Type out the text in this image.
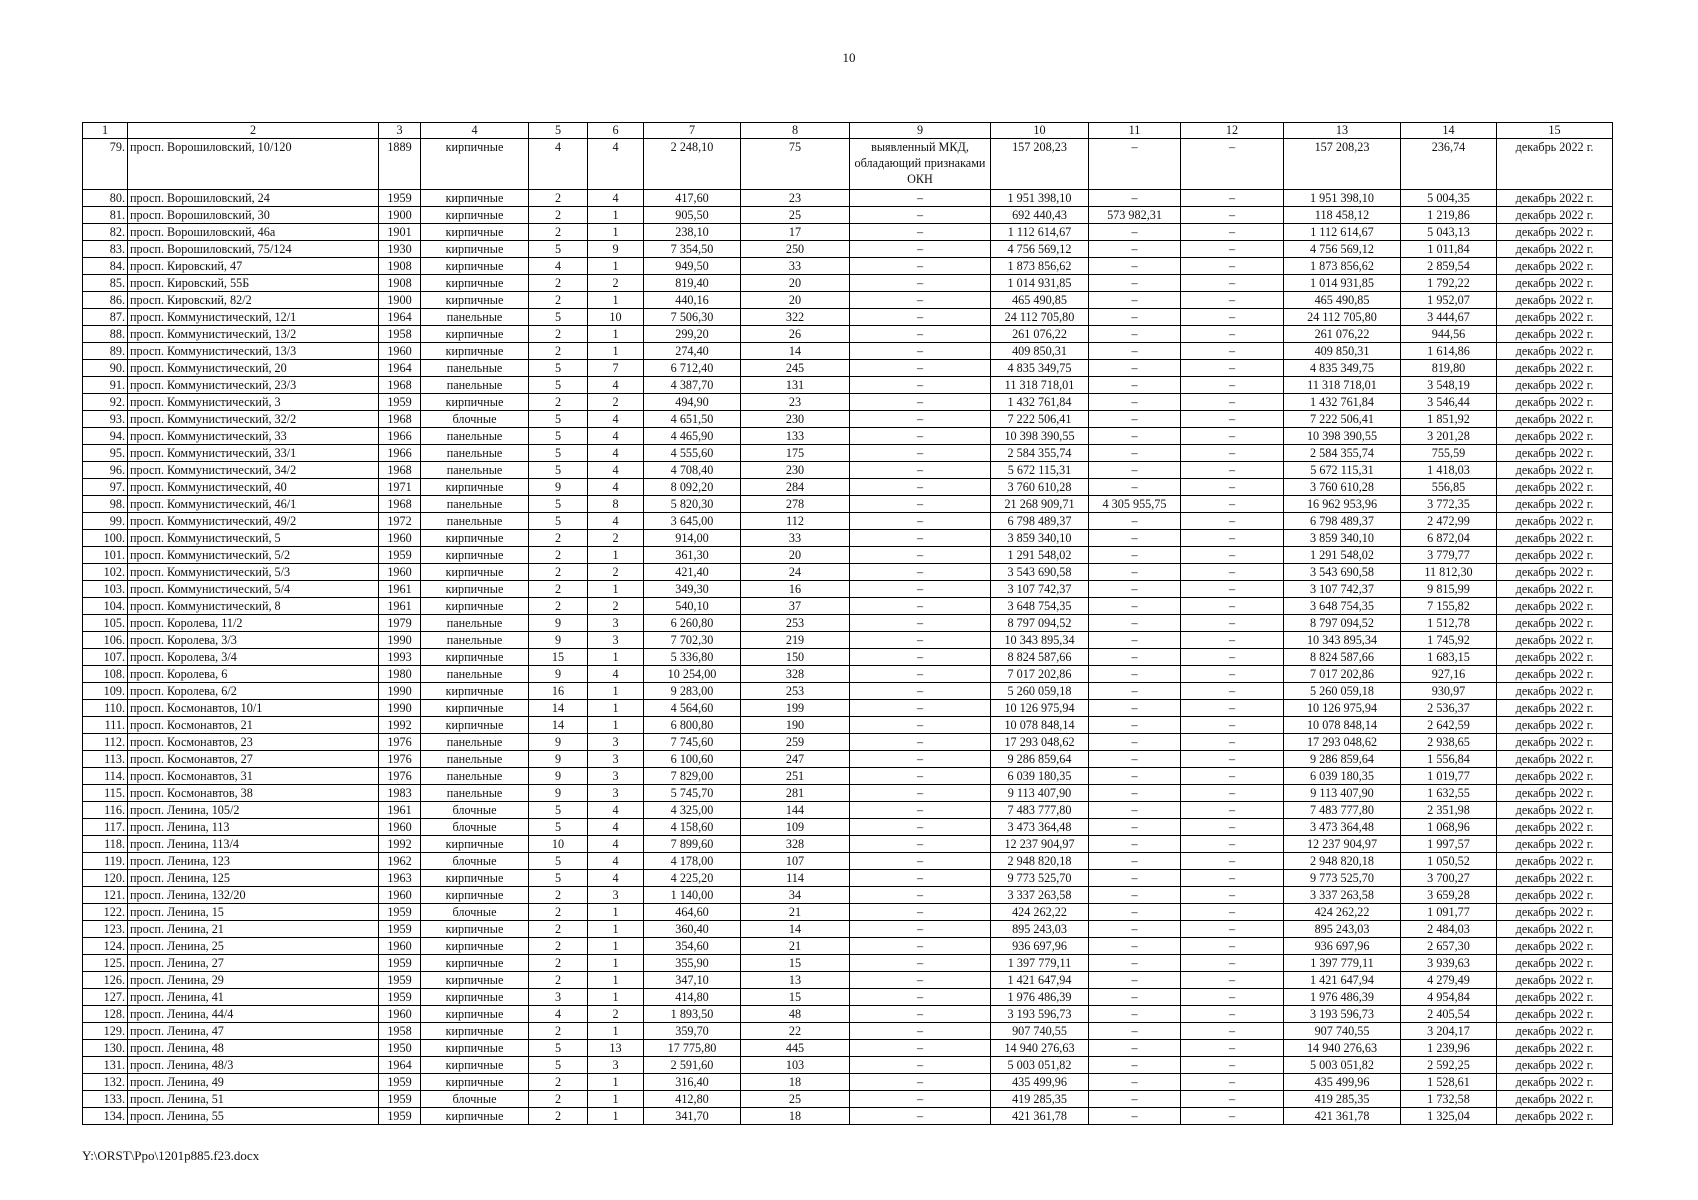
10
1	2	3	4	5	6	7	8	9	10	11	12	13	14	15
79.	просп. Ворошиловский, 10/120	1889	кирпичные	4	4	2 248,10	75	выявленный МКД, обладающий признаками ОКН	157 208,23	–	–	157 208,23	236,74	декабрь 2022 г.
80.	просп. Ворошиловский, 24	1959	кирпичные	2	4	417,60	23	–	1 951 398,10	–	–	1 951 398,10	5 004,35	декабрь 2022 г.
81.	просп. Ворошиловский, 30	1900	кирпичные	2	1	905,50	25	–	692 440,43	573 982,31	–	118 458,12	1 219,86	декабрь 2022 г.
82.	просп. Ворошиловский, 46а	1901	кирпичные	2	1	238,10	17	–	1 112 614,67	–	–	1 112 614,67	5 043,13	декабрь 2022 г.
83.	просп. Ворошиловский, 75/124	1930	кирпичные	5	9	7 354,50	250	–	4 756 569,12	–	–	4 756 569,12	1 011,84	декабрь 2022 г.
84.	просп. Кировский, 47	1908	кирпичные	4	1	949,50	33	–	1 873 856,62	–	–	1 873 856,62	2 859,54	декабрь 2022 г.
85.	просп. Кировский, 55Б	1908	кирпичные	2	2	819,40	20	–	1 014 931,85	–	–	1 014 931,85	1 792,22	декабрь 2022 г.
86.	просп. Кировский, 82/2	1900	кирпичные	2	1	440,16	20	–	465 490,85	–	–	465 490,85	1 952,07	декабрь 2022 г.
87.	просп. Коммунистический, 12/1	1964	панельные	5	10	7 506,30	322	–	24 112 705,80	–	–	24 112 705,80	3 444,67	декабрь 2022 г.
88.	просп. Коммунистический, 13/2	1958	кирпичные	2	1	299,20	26	–	261 076,22	–	–	261 076,22	944,56	декабрь 2022 г.
89.	просп. Коммунистический, 13/3	1960	кирпичные	2	1	274,40	14	–	409 850,31	–	–	409 850,31	1 614,86	декабрь 2022 г.
90.	просп. Коммунистический, 20	1964	панельные	5	7	6 712,40	245	–	4 835 349,75	–	–	4 835 349,75	819,80	декабрь 2022 г.
91.	просп. Коммунистический, 23/3	1968	панельные	5	4	4 387,70	131	–	11 318 718,01	–	–	11 318 718,01	3 548,19	декабрь 2022 г.
92.	просп. Коммунистический, 3	1959	кирпичные	2	2	494,90	23	–	1 432 761,84	–	–	1 432 761,84	3 546,44	декабрь 2022 г.
93.	просп. Коммунистический, 32/2	1968	блочные	5	4	4 651,50	230	–	7 222 506,41	–	–	7 222 506,41	1 851,92	декабрь 2022 г.
94.	просп. Коммунистический, 33	1966	панельные	5	4	4 465,90	133	–	10 398 390,55	–	–	10 398 390,55	3 201,28	декабрь 2022 г.
95.	просп. Коммунистический, 33/1	1966	панельные	5	4	4 555,60	175	–	2 584 355,74	–	–	2 584 355,74	755,59	декабрь 2022 г.
96.	просп. Коммунистический, 34/2	1968	панельные	5	4	4 708,40	230	–	5 672 115,31	–	–	5 672 115,31	1 418,03	декабрь 2022 г.
97.	просп. Коммунистический, 40	1971	кирпичные	9	4	8 092,20	284	–	3 760 610,28	–	–	3 760 610,28	556,85	декабрь 2022 г.
98.	просп. Коммунистический, 46/1	1968	панельные	5	8	5 820,30	278	–	21 268 909,71	4 305 955,75	–	16 962 953,96	3 772,35	декабрь 2022 г.
99.	просп. Коммунистический, 49/2	1972	панельные	5	4	3 645,00	112	–	6 798 489,37	–	–	6 798 489,37	2 472,99	декабрь 2022 г.
100.	просп. Коммунистический, 5	1960	кирпичные	2	2	914,00	33	–	3 859 340,10	–	–	3 859 340,10	6 872,04	декабрь 2022 г.
101.	просп. Коммунистический, 5/2	1959	кирпичные	2	1	361,30	20	–	1 291 548,02	–	–	1 291 548,02	3 779,77	декабрь 2022 г.
102.	просп. Коммунистический, 5/3	1960	кирпичные	2	2	421,40	24	–	3 543 690,58	–	–	3 543 690,58	11 812,30	декабрь 2022 г.
103.	просп. Коммунистический, 5/4	1961	кирпичные	2	1	349,30	16	–	3 107 742,37	–	–	3 107 742,37	9 815,99	декабрь 2022 г.
104.	просп. Коммунистический, 8	1961	кирпичные	2	2	540,10	37	–	3 648 754,35	–	–	3 648 754,35	7 155,82	декабрь 2022 г.
105.	просп. Королева, 11/2	1979	панельные	9	3	6 260,80	253	–	8 797 094,52	–	–	8 797 094,52	1 512,78	декабрь 2022 г.
106.	просп. Королева, 3/3	1990	панельные	9	3	7 702,30	219	–	10 343 895,34	–	–	10 343 895,34	1 745,92	декабрь 2022 г.
107.	просп. Королева, 3/4	1993	кирпичные	15	1	5 336,80	150	–	8 824 587,66	–	–	8 824 587,66	1 683,15	декабрь 2022 г.
108.	просп. Королева, 6	1980	панельные	9	4	10 254,00	328	–	7 017 202,86	–	–	7 017 202,86	927,16	декабрь 2022 г.
109.	просп. Королева, 6/2	1990	кирпичные	16	1	9 283,00	253	–	5 260 059,18	–	–	5 260 059,18	930,97	декабрь 2022 г.
110.	просп. Космонавтов, 10/1	1990	кирпичные	14	1	4 564,60	199	–	10 126 975,94	–	–	10 126 975,94	2 536,37	декабрь 2022 г.
111.	просп. Космонавтов, 21	1992	кирпичные	14	1	6 800,80	190	–	10 078 848,14	–	–	10 078 848,14	2 642,59	декабрь 2022 г.
112.	просп. Космонавтов, 23	1976	панельные	9	3	7 745,60	259	–	17 293 048,62	–	–	17 293 048,62	2 938,65	декабрь 2022 г.
113.	просп. Космонавтов, 27	1976	панельные	9	3	6 100,60	247	–	9 286 859,64	–	–	9 286 859,64	1 556,84	декабрь 2022 г.
114.	просп. Космонавтов, 31	1976	панельные	9	3	7 829,00	251	–	6 039 180,35	–	–	6 039 180,35	1 019,77	декабрь 2022 г.
115.	просп. Космонавтов, 38	1983	панельные	9	3	5 745,70	281	–	9 113 407,90	–	–	9 113 407,90	1 632,55	декабрь 2022 г.
116.	просп. Ленина, 105/2	1961	блочные	5	4	4 325,00	144	–	7 483 777,80	–	–	7 483 777,80	2 351,98	декабрь 2022 г.
117.	просп. Ленина, 113	1960	блочные	5	4	4 158,60	109	–	3 473 364,48	–	–	3 473 364,48	1 068,96	декабрь 2022 г.
118.	просп. Ленина, 113/4	1992	кирпичные	10	4	7 899,60	328	–	12 237 904,97	–	–	12 237 904,97	1 997,57	декабрь 2022 г.
119.	просп. Ленина, 123	1962	блочные	5	4	4 178,00	107	–	2 948 820,18	–	–	2 948 820,18	1 050,52	декабрь 2022 г.
120.	просп. Ленина, 125	1963	кирпичные	5	4	4 225,20	114	–	9 773 525,70	–	–	9 773 525,70	3 700,27	декабрь 2022 г.
121.	просп. Ленина, 132/20	1960	кирпичные	2	3	1 140,00	34	–	3 337 263,58	–	–	3 337 263,58	3 659,28	декабрь 2022 г.
122.	просп. Ленина, 15	1959	блочные	2	1	464,60	21	–	424 262,22	–	–	424 262,22	1 091,77	декабрь 2022 г.
123.	просп. Ленина, 21	1959	кирпичные	2	1	360,40	14	–	895 243,03	–	–	895 243,03	2 484,03	декабрь 2022 г.
124.	просп. Ленина, 25	1960	кирпичные	2	1	354,60	21	–	936 697,96	–	–	936 697,96	2 657,30	декабрь 2022 г.
125.	просп. Ленина, 27	1959	кирпичные	2	1	355,90	15	–	1 397 779,11	–	–	1 397 779,11	3 939,63	декабрь 2022 г.
126.	просп. Ленина, 29	1959	кирпичные	2	1	347,10	13	–	1 421 647,94	–	–	1 421 647,94	4 279,49	декабрь 2022 г.
127.	просп. Ленина, 41	1959	кирпичные	3	1	414,80	15	–	1 976 486,39	–	–	1 976 486,39	4 954,84	декабрь 2022 г.
128.	просп. Ленина, 44/4	1960	кирпичные	4	2	1 893,50	48	–	3 193 596,73	–	–	3 193 596,73	2 405,54	декабрь 2022 г.
129.	просп. Ленина, 47	1958	кирпичные	2	1	359,70	22	–	907 740,55	–	–	907 740,55	3 204,17	декабрь 2022 г.
130.	просп. Ленина, 48	1950	кирпичные	5	13	17 775,80	445	–	14 940 276,63	–	–	14 940 276,63	1 239,96	декабрь 2022 г.
131.	просп. Ленина, 48/3	1964	кирпичные	5	3	2 591,60	103	–	5 003 051,82	–	–	5 003 051,82	2 592,25	декабрь 2022 г.
132.	просп. Ленина, 49	1959	кирпичные	2	1	316,40	18	–	435 499,96	–	–	435 499,96	1 528,61	декабрь 2022 г.
133.	просп. Ленина, 51	1959	блочные	2	1	412,80	25	–	419 285,35	–	–	419 285,35	1 732,58	декабрь 2022 г.
134.	просп. Ленина, 55	1959	кирпичные	2	1	341,70	18	–	421 361,78	–	–	421 361,78	1 325,04	декабрь 2022 г.
Y:\ORST\Ppo\1201p885.f23.docx
